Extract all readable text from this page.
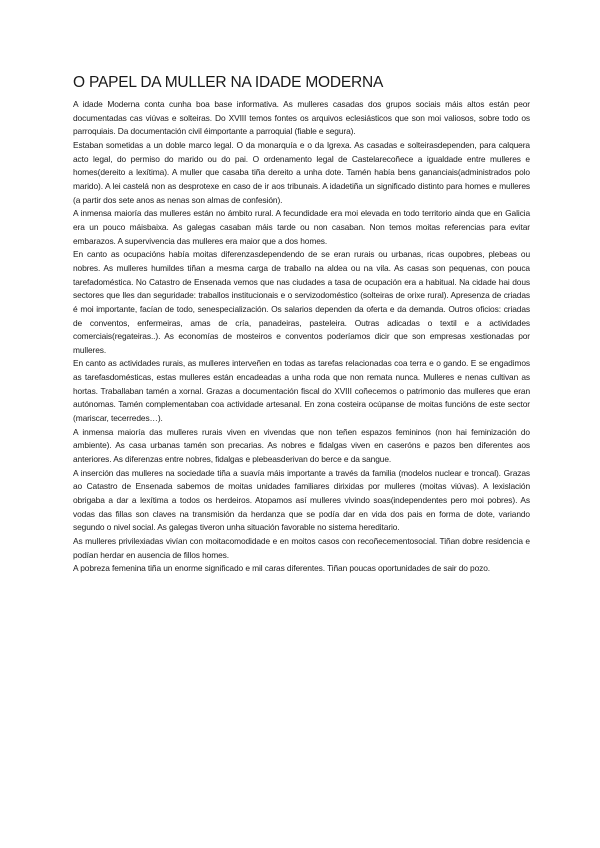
O PAPEL DA MULLER NA IDADE MODERNA

A idade Moderna conta cunha boa base informativa. As mulleres casadas dos grupos sociais máis altos están peor documentadas cas viúvas e solteiras. Do XVIII temos fontes os arquivos eclesiásticos que son moi valiosos, sobre todo os parroquiais. Da documentación civil éimportante a parroquial (fiable e segura).

Estaban sometidas a un doble marco legal. O da monarquía e o da Igrexa. As casadas e solteirasdependen, para calquera acto legal, do permiso do marido ou do pai. O ordenamento legal de Castelarecoñece a igualdade entre mulleres e homes(dereito a lexítima). A muller que casaba tiña dereito a unha dote. Tamén había bens gananciais(administrados polo marido). A lei castelá non as desprotexe en caso de ir aos tribunais. A idadetiña un significado distinto para homes e mulleres (a partir dos sete anos as nenas son almas de confesión).

A inmensa maioría das mulleres están no ámbito rural. A fecundidade era moi elevada en todo territorio ainda que en Galicia era un pouco máisbaixa. As galegas casaban máis tarde ou non casaban. Non temos moitas referencias para evitar embarazos. A supervivencia das mulleres era maior que a dos homes.

En canto as ocupacións había moitas diferenzasdependendo de se eran rurais ou urbanas, ricas oupobres, plebeas ou nobres. As mulleres humildes tiñan a mesma carga de traballo na aldea ou na vila. As casas son pequenas, con pouca tarefadoméstica. No Catastro de Ensenada vemos que nas ciudades a tasa de ocupación era a habitual. Na cidade hai dous sectores que lles dan seguridade: traballos institucionais e o servizodoméstico (solteiras de orixe rural). Apresenza de criadas é moi importante, facían de todo, senespecialización. Os salarios dependen da oferta e da demanda. Outros oficios: criadas de conventos, enfermeiras, amas de cría, panadeiras, pasteleira. Outras adicadas o textil e a actividades comerciais(regateiras..). As economías de mosteiros e conventos poderíamos dicir que son empresas xestionadas por mulleres.

En canto as actividades rurais, as mulleres interveñen en todas as tarefas relacionadas coa terra e o gando. E se engadimos as tarefasdomésticas, estas mulleres están encadeadas a unha roda que non remata nunca. Mulleres e nenas cultivan as hortas. Traballaban tamén a xornal. Grazas a documentación fiscal do XVIII coñecemos o patrimonio das mulleres que eran autónomas. Tamén complementaban coa actividade artesanal. En zona costeira ocúpanse de moitas funcións de este sector (mariscar, tecerredes…).

A inmensa maioría das mulleres rurais viven en vivendas que non teñen espazos femininos (non hai feminización do ambiente). As casa urbanas tamén son precarias. As nobres e fidalgas viven en caseróns e pazos ben diferentes aos anteriores. As diferenzas entre nobres, fidalgas e plebeasderivan do berce e da sangue.

A inserción das mulleres na sociedade tiña a suavía máis importante a través da familia (modelos nuclear e troncal). Grazas ao Catastro de Ensenada sabemos de moitas unidades familiares dirixidas por mulleres (moitas viúvas). A lexislación obrigaba a dar a lexítima a todos os herdeiros. Atopamos así mulleres vivindo soas(independentes pero moi pobres). As vodas das fillas son claves na transmisión da herdanza que se podía dar en vida dos pais en forma de dote, variando segundo o nivel social. As galegas tiveron unha situación favorable no sistema hereditario.

As mulleres privilexiadas vivían con moitacomodidade e en moitos casos con recoñecementosocial. Tiñan dobre residencia e podían herdar en ausencia de fillos homes.

A pobreza femenina tiña un enorme significado e mil caras diferentes. Tiñan poucas oportunidades de sair do pozo.
